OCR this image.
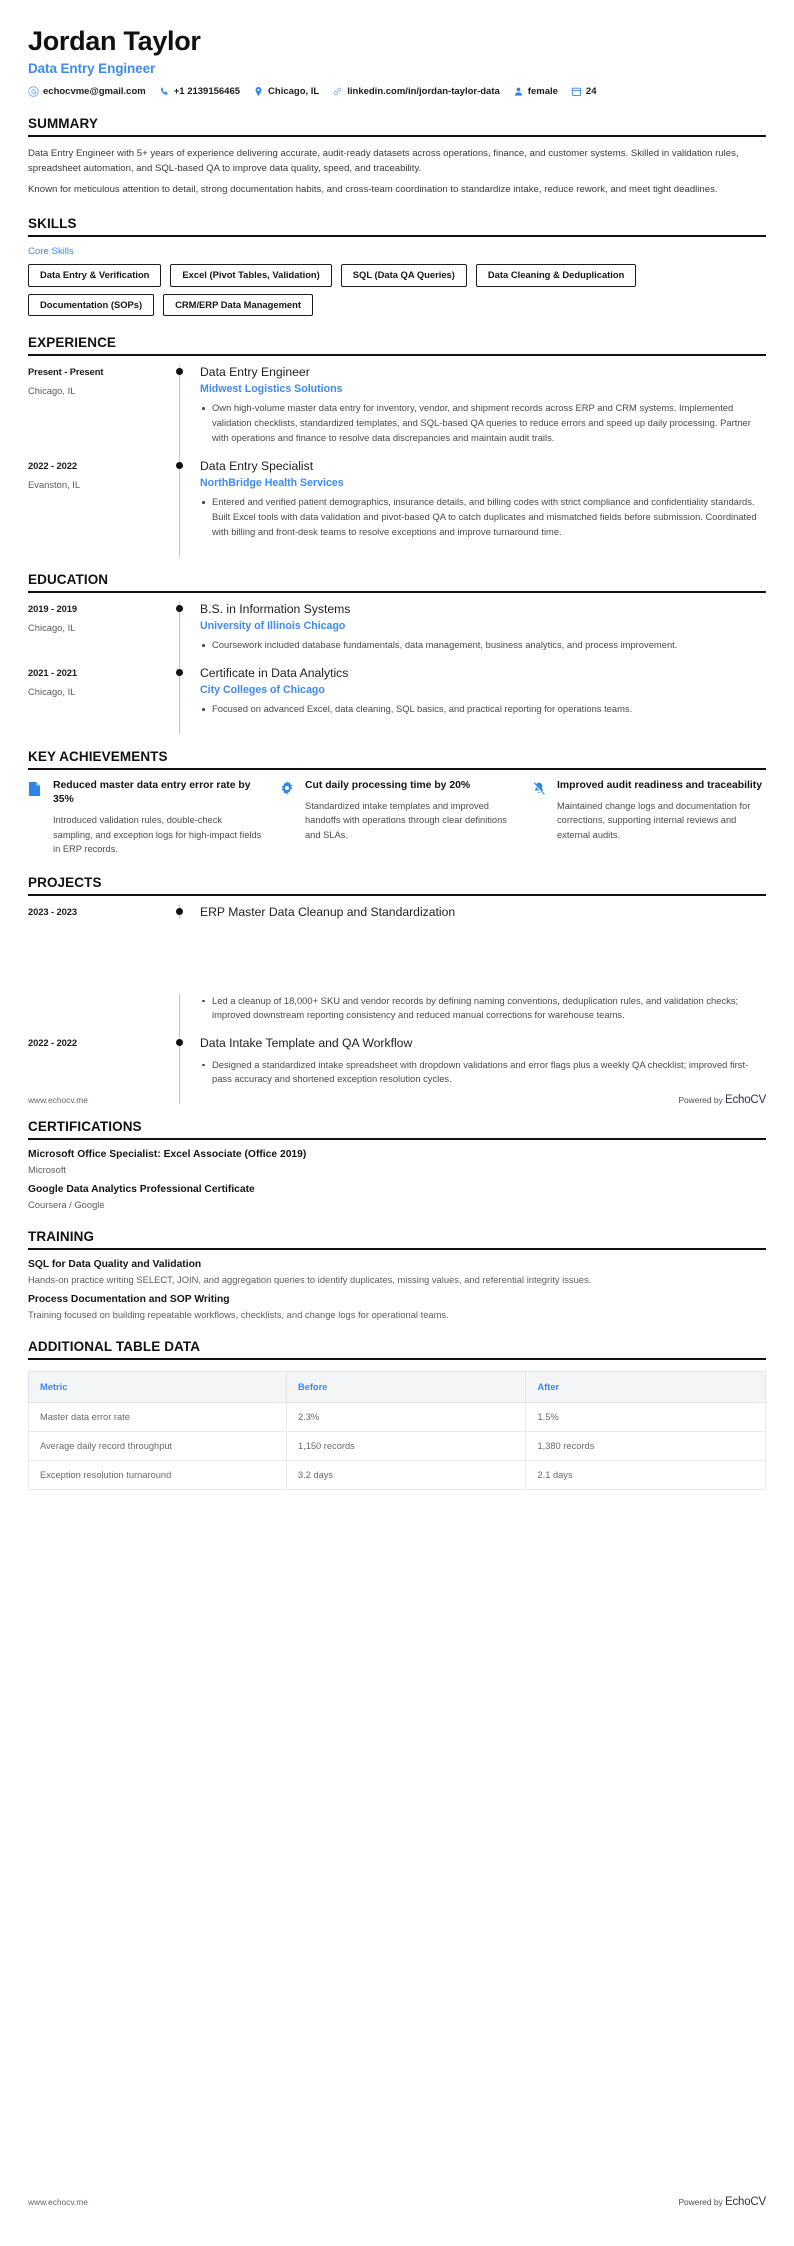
Jordan Taylor
Data Entry Engineer
echocvme@gmail.com	+1 2139156465	Chicago, IL	linkedin.com/in/jordan-taylor-data	female	24
SUMMARY

Data Entry Engineer with 5+ years of experience delivering accurate, audit-ready datasets across operations, finance, and customer systems. Skilled in validation rules, spreadsheet automation, and SQL-based QA to improve data quality, speed, and traceability.

Known for meticulous attention to detail, strong documentation habits, and cross-team coordination to standardize intake, reduce rework, and meet tight deadlines.

SKILLS
Core Skills
Data Entry & Verification	Excel (Pivot Tables, Validation)	SQL (Data QA Queries)	Data Cleaning & Deduplication
Documentation (SOPs)	CRM/ERP Data Management
EXPERIENCE
Present - Present
Chicago, IL
Data Entry Engineer
Midwest Logistics Solutions
Own high-volume master data entry for inventory, vendor, and shipment records across ERP and CRM systems. Implemented validation checklists, standardized templates, and SQL-based QA queries to reduce errors and speed up daily processing. Partner with operations and finance to resolve data discrepancies and maintain audit trails.
2022 - 2022
Evanston, IL
Data Entry Specialist
NorthBridge Health Services
Entered and verified patient demographics, insurance details, and billing codes with strict compliance and confidentiality standards. Built Excel tools with data validation and pivot-based QA to catch duplicates and mismatched fields before submission. Coordinated with billing and front-desk teams to resolve exceptions and improve turnaround time.
EDUCATION
2019 - 2019
Chicago, IL
B.S. in Information Systems
University of Illinois Chicago
Coursework included database fundamentals, data management, business analytics, and process improvement.
2021 - 2021
Chicago, IL
Certificate in Data Analytics
City Colleges of Chicago
Focused on advanced Excel, data cleaning, SQL basics, and practical reporting for operations teams.
KEY ACHIEVEMENTS
Reduced master data entry error rate by 35%
Introduced validation rules, double-check sampling, and exception logs for high-impact fields in ERP records.
Cut daily processing time by 20%
Standardized intake templates and improved handoffs with operations through clear definitions and SLAs.
Improved audit readiness and traceability
Maintained change logs and documentation for corrections, supporting internal reviews and external audits.
PROJECTS
2023 - 2023	ERP Master Data Cleanup and Standardization
www.echocv.me	Powered by EchoCV
Led a cleanup of 18,000+ SKU and vendor records by defining naming conventions, deduplication rules, and validation checks; improved downstream reporting consistency and reduced manual corrections for warehouse teams.
2022 - 2022	Data Intake Template and QA Workflow
Designed a standardized intake spreadsheet with dropdown validations and error flags plus a weekly QA checklist; improved first-pass accuracy and shortened exception resolution cycles.
CERTIFICATIONS
Microsoft Office Specialist: Excel Associate (Office 2019)
Microsoft
Google Data Analytics Professional Certificate
Coursera / Google
TRAINING
SQL for Data Quality and Validation
Hands-on practice writing SELECT, JOIN, and aggregation queries to identify duplicates, missing values, and referential integrity issues.
Process Documentation and SOP Writing
Training focused on building repeatable workflows, checklists, and change logs for operational teams.
ADDITIONAL TABLE DATA
Metric	Before	After
Master data error rate	2.3%	1.5%
Average daily record throughput	1,150 records	1,380 records
Exception resolution turnaround	3.2 days	2.1 days
www.echocv.me	Powered by EchoCV
